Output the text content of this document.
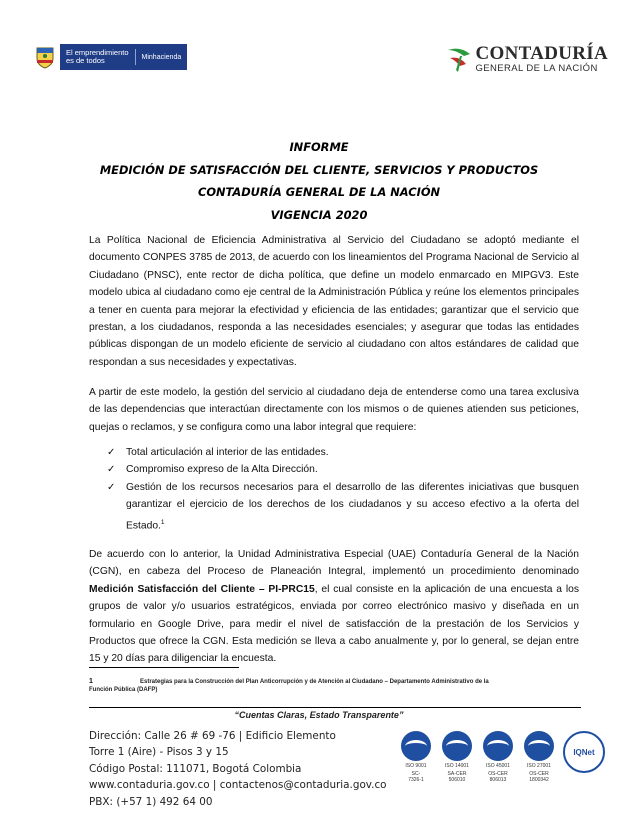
El emprendimiento
es de todos	Minhacienda	CONTADURÍA
GENERAL DE LA NACIÓN
INFORME
MEDICIÓN DE SATISFACCIÓN DEL CLIENTE, SERVICIOS Y PRODUCTOS
CONTADURÍA GENERAL DE LA NACIÓN
VIGENCIA 2020
La Política Nacional de Eficiencia Administrativa al Servicio del Ciudadano se adoptó mediante el documento CONPES 3785 de 2013, de acuerdo con los lineamientos del Programa Nacional de Servicio al Ciudadano (PNSC), ente rector de dicha política, que define un modelo enmarcado en MIPGV3. Este modelo ubica al ciudadano como eje central de la Administración Pública y reúne los elementos principales a tener en cuenta para mejorar la efectividad y eficiencia de las entidades; garantizar que el servicio que prestan, a los ciudadanos, responda a las necesidades esenciales; y asegurar que todas las entidades públicas dispongan de un modelo eficiente de servicio al ciudadano con altos estándares de calidad que respondan a sus necesidades y expectativas.
A partir de este modelo, la gestión del servicio al ciudadano deja de entenderse como una tarea exclusiva de las dependencias que interactúan directamente con los mismos o de quienes atienden sus peticiones, quejas o reclamos, y se configura como una labor integral que requiere:
✓	Total articulación al interior de las entidades.
✓	Compromiso expreso de la Alta Dirección.
✓	Gestión de los recursos necesarios para el desarrollo de las diferentes iniciativas que busquen garantizar el ejercicio de los derechos de los ciudadanos y su acceso efectivo a la oferta del Estado.$^1$
De acuerdo con lo anterior, la Unidad Administrativa Especial (UAE) Contaduría General de la Nación (CGN), en cabeza del Proceso de Planeación Integral, implementó un procedimiento denominado Medición Satisfacción del Cliente – PI-PRC15, el cual consiste en la aplicación de una encuesta a los grupos de valor y/o usuarios estratégicos, enviada por correo electrónico masivo y diseñada en un formulario en Google Drive, para medir el nivel de satisfacción de la prestación de los Servicios y Productos que ofrece la CGN. Esta medición se lleva a cabo anualmente y, por lo general, se dejan entre 15 y 20 días para diligenciar la encuesta.
1	Estrategias para la Construcción del Plan Anticorrupción y de Atención al Ciudadano – Departamento Administrativo de la
Función Pública (DAFP)
“Cuentas Claras, Estado Transparente”
Dirección: Calle 26 # 69 -76 | Edificio Elemento
Torre 1 (Aire) - Pisos 3 y 15
Código Postal: 111071, Bogotá Colombia
www.contaduria.gov.co | contactenos@contaduria.gov.co
PBX: (+57 1) 492 64 00
ISO 9001
SC-
7326-1
ISO 14001
SA-CER
506010
ISO 45001
OS-CER
806013
ISO 27001
OS-CER
1800342
IQNet
